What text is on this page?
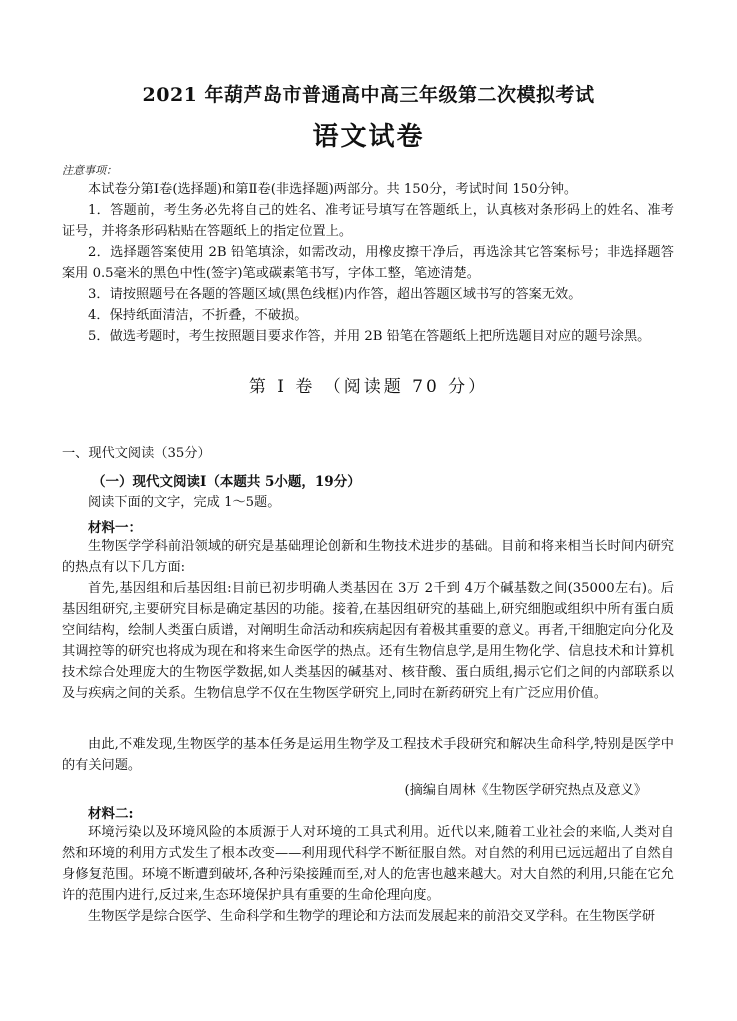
2021 年葫芦岛市普通高中高三年级第二次模拟考试
语文试卷
注意事项：

本试卷分第Ⅰ卷(选择题)和第Ⅱ卷(非选择题)两部分。共 150分，考试时间 150分钟。

1．答题前，考生务必先将自己的姓名、准考证号填写在答题纸上，认真核对条形码上的姓名、准考证号，并将条形码粘贴在答题纸上的指定位置上。

2．选择题答案使用 2B 铅笔填涂，如需改动，用橡皮擦干净后，再选涂其它答案标号；非选择题答案用 0.5毫米的黑色中性(签字)笔或碳素笔书写，字体工整，笔迹清楚。

3．请按照题号在各题的答题区域(黑色线框)内作答，超出答题区域书写的答案无效。

4．保持纸面清洁，不折叠，不破损。

5．做选考题时，考生按照题目要求作答，并用 2B 铅笔在答题纸上把所选题目对应的题号涂黑。

第 I 卷 （阅读题 70 分）
一、现代文阅读（35分）
（一）现代文阅读Ⅰ（本题共 5小题，19分）

阅读下面的文字，完成 1～5题。

材料一：

生物医学学科前沿领域的研究是基础理论创新和生物技术进步的基础。目前和将来相当长时间内研究的热点有以下几方面:

首先,基因组和后基因组:目前已初步明确人类基因在 3万 2千到 4万个碱基数之间(35000左右)。后基因组研究,主要研究目标是确定基因的功能。接着,在基因组研究的基础上,研究细胞或组织中所有蛋白质空间结构，绘制人类蛋白质谱，对阐明生命活动和疾病起因有着极其重要的意义。再者,干细胞定向分化及其调控等的研究也将成为现在和将来生命医学的热点。还有生物信息学,是用生物化学、信息技术和计算机技术综合处理庞大的生物医学数据,如人类基因的碱基对、核苷酸、蛋白质组,揭示它们之间的内部联系以及与疾病之间的关系。生物信息学不仅在生物医学研究上,同时在新药研究上有广泛应用价值。

由此,不难发现,生物医学的基本任务是运用生物学及工程技术手段研究和解决生命科学,特别是医学中的有关问题。

(摘编自周林《生物医学研究热点及意义》
材料二:

环境污染以及环境风险的本质源于人对环境的工具式利用。近代以来,随着工业社会的来临,人类对自然和环境的利用方式发生了根本改变——利用现代科学不断征服自然。对自然的利用已远远超出了自然自身修复范围。环境不断遭到破坏,各种污染接踵而至,对人的危害也越来越大。对大自然的利用,只能在它允许的范围内进行,反过来,生态环境保护具有重要的生命伦理向度。

生物医学是综合医学、生命科学和生物学的理论和方法而发展起来的前沿交叉学科。在生物医学研
